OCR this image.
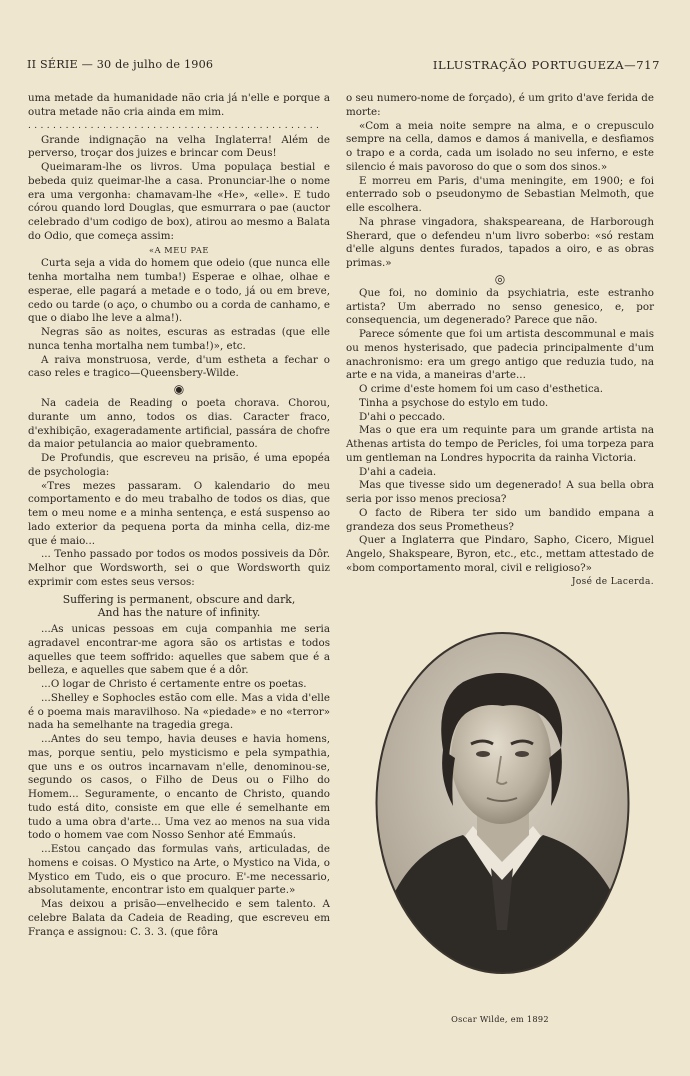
II SÉRIE — 30 de julho de 1906	ILLUSTRAÇÃO PORTUGUEZA—717

uma metade da humanidade não cria já n'elle e porque a outra metade não cria ainda em mim.

...............................................

Grande indignação na velha Inglaterra! Além de perverso, troçar dos juizes e brincar com Deus!

Queimaram-lhe os livros. Uma populaça bestial e bebeda quiz queimar-lhe a casa. Pronunciar-lhe o nome era uma vergonha: chamavam-lhe «He», «elle». E tudo córou quando lord Douglas, que esmurrara o pae (auctor celebrado d'um codigo de box), atirou ao mesmo a Balata do Odio, que começa assim:

«A MEU PAE

Curta seja a vida do homem que odeio (que nunca elle tenha mortalha nem tumba!) Esperae e olhae, olhae e esperae, elle pagará a metade e o todo, já ou em breve, cedo ou tarde (o aço, o chumbo ou a corda de canhamo, e que o diabo lhe leve a alma!).

Negras são as noites, escuras as estradas (que elle nunca tenha mortalha nem tumba!)», etc.

A raiva monstruosa, verde, d'um estheta a fechar o caso reles e tragico—Queensbery-Wilde.

◉

Na cadeia de Reading o poeta chorava. Chorou, durante um anno, todos os dias. Caracter fraco, d'exhibição, exageradamente artificial, passára de chofre da maior petulancia ao maior quebramento.

De Profundis, que escreveu na prisão, é uma epopéa de psychologia:

«Tres mezes passaram. O kalendario do meu comportamento e do meu trabalho de todos os dias, que tem o meu nome e a minha sentença, e está suspenso ao lado exterior da pequena porta da minha cella, diz-me que é maio...

... Tenho passado por todos os modos possiveis da Dôr. Melhor que Wordsworth, sei o que Wordsworth quiz exprimir com estes seus versos:

Suffering is permanent, obscure and dark,

And has the nature of infinity.

...As unicas pessoas em cuja companhia me seria agradavel encontrar-me agora são os artistas e todos aquelles que teem soffrido: aquelles que sabem que é a belleza, e aquelles que sabem que é a dôr.

...O logar de Christo é certamente entre os poetas.

...Shelley e Sophocles estão com elle. Mas a vida d'elle é o poema mais maravilhoso. Na «piedade» e no «terror» nada ha semelhante na tragedia grega.

...Antes do seu tempo, havia deuses e havia homens, mas, porque sentiu, pelo mysticismo e pela sympathia, que uns e os outros incarnavam n'elle, denominou-se, segundo os casos, o Filho de Deus ou o Filho do Homem... Seguramente, o encanto de Christo, quando tudo está dito, consiste em que elle é semelhante em tudo a uma obra d'arte... Uma vez ao menos na sua vida todo o homem vae com Nosso Senhor até Emmaús.

...Estou cançado das formulas vaṅs, articuladas, de homens e coisas. O Mystico na Arte, o Mystico na Vida, o Mystico em Tudo, eis o que procuro. E'-me necessario, absolutamente, encontrar isto em qualquer parte.»

Mas deixou a prisão—envelhecido e sem talento. A celebre Balata da Cadeia de Reading, que escreveu em França e assignou: C. 3. 3. (que fôra

o seu numero-nome de forçado), é um grito d'ave ferida de morte:

«Com a meia noite sempre na alma, e o crepusculo sempre na cella, damos e damos á manivella, e desfiamos o trapo e a corda, cada um isolado no seu inferno, e este silencio é mais pavoroso do que o som dos sinos.»

E morreu em Paris, d'uma meningite, em 1900; e foi enterrado sob o pseudonymo de Sebastian Melmoth, que elle escolhera.

Na phrase vingadora, shakspeareana, de Harborough Sherard, que o defendeu n'um livro soberbo: «só restam d'elle alguns dentes furados, tapados a oiro, e as obras primas.»

◎

Que foi, no dominio da psychiatria, este estranho artista? Um aberrado no senso genesico, e, por consequencia, um degenerado? Parece que não.

Parece sómente que foi um artista descommunal e mais ou menos hysterisado, que padecia principalmente d'um anachronismo: era um grego antigo que reduzia tudo, na arte e na vida, a maneiras d'arte...

O crime d'este homem foi um caso d'esthetica.

Tinha a psychose do estylo em tudo.

D'ahi o peccado.

Mas o que era um requinte para um grande artista na Athenas artista do tempo de Pericles, foi uma torpeza para um gentleman na Londres hypocrita da rainha Victoria.

D'ahi a cadeia.

Mas que tivesse sido um degenerado! A sua bella obra seria por isso menos preciosa?

O facto de Ribera ter sido um bandido empana a grandeza dos seus Prometheus?

Quer a Inglaterra que Pindaro, Sapho, Cicero, Miguel Angelo, Shakspeare, Byron, etc., etc., mettam attestado de «bom comportamento moral, civil e religioso?»

José de Lacerda.

Oscar Wilde, em 1892
